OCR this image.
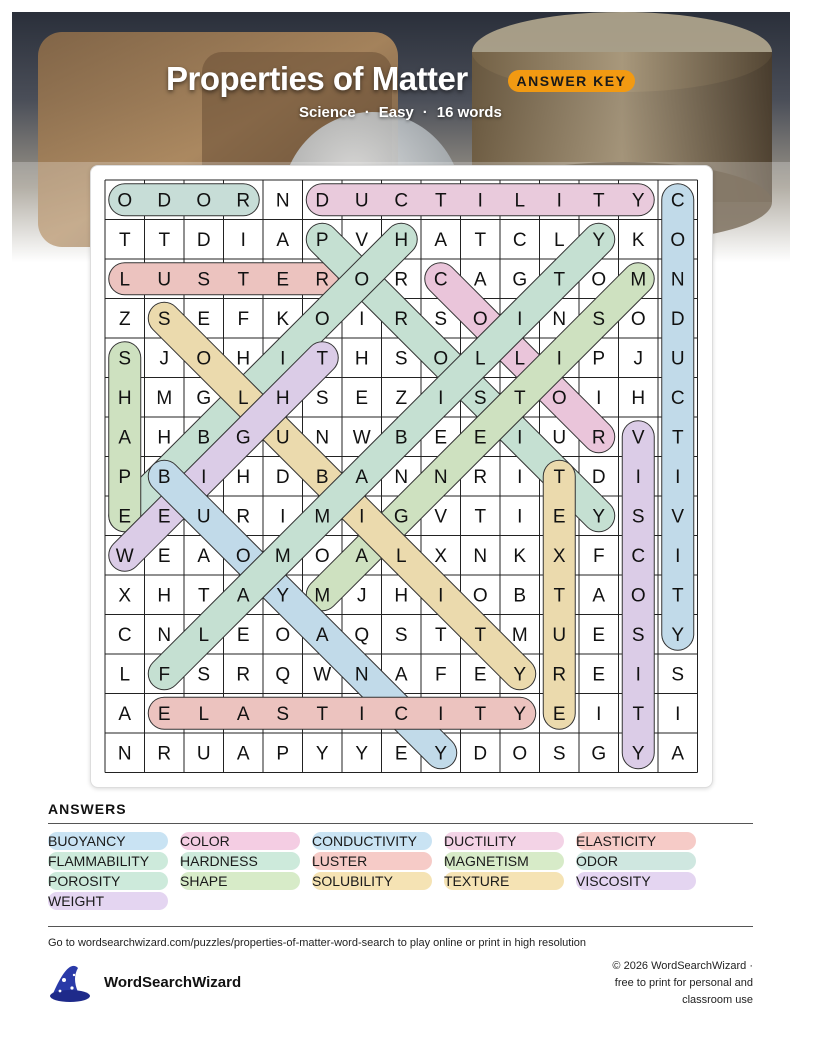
Properties of Matter	ANSWER KEY
Science · Easy · 16 words
O D O R N D U C T I L I T Y C
T T D I A P V H A T C L Y K O
L U S T E R O R C A G T O M N
Z S E F K O I R S O I N S O D
S J O H I T H S O L L I P J U
H M G L H S E Z I S T O I H C
A H B G U N W B E E I U R V T
P B I H D B A N N R I T D I I
E E U R I M I G V T I E Y S V
W E A O M O A L X N K X F C I
X H T A Y M J H I O B T A O T
C N L E O A Q S T T M U E S Y
L F S R Q W N A F E Y R E I S
A E L A S T I C I T Y E I T I
N R U A P Y Y E Y D O S G Y A
ANSWERS
BUOYANCY	COLOR	CONDUCTIVITY	DUCTILITY	ELASTICITY
FLAMMABILITY	HARDNESS	LUSTER	MAGNETISM	ODOR
POROSITY	SHAPE	SOLUBILITY	TEXTURE	VISCOSITY
WEIGHT
Go to wordsearchwizard.com/puzzles/properties-of-matter-word-search to play online or print in high resolution
WordSearchWizard
© 2026 WordSearchWizard ·
free to print for personal and
classroom use
